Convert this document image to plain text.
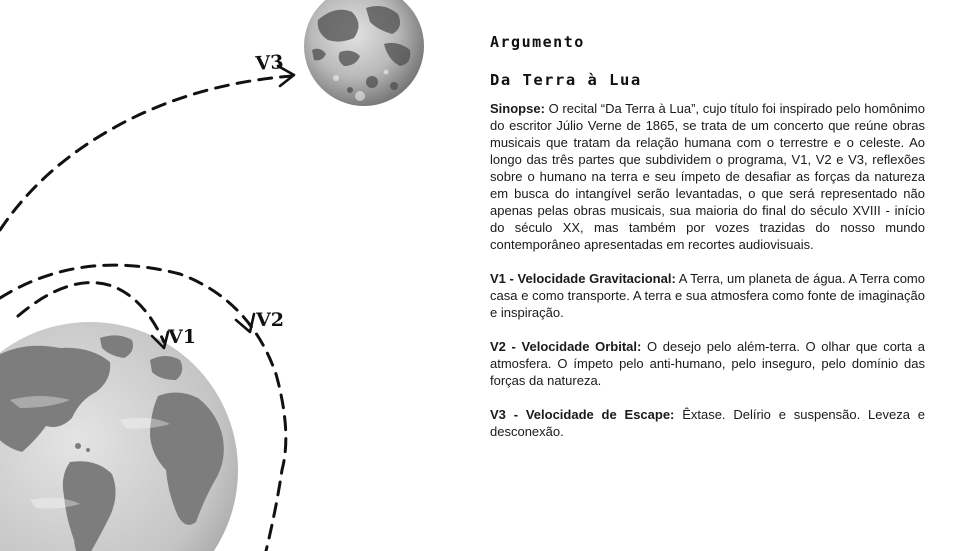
V1
V2
V3
Argumento
Da Terra à Lua

Sinopse: O recital “Da Terra à Lua”, cujo título foi inspirado pelo homônimo do escritor Júlio Verne de 1865, se trata de um concerto que reúne obras musicais que tratam da relação humana com o terrestre e o celeste. Ao longo das três partes que subdividem o programa, V1, V2 e V3, reflexões sobre o humano na terra e seu ímpeto de desafiar as forças da natureza em busca do intangível serão levantadas, o que será representado não apenas pelas obras musicais, sua maioria do final do século XVIII - início do século XX, mas também por vozes trazidas do nosso mundo contemporâneo apresentadas em recortes audiovisuais.

V1 - Velocidade Gravitacional: A Terra, um planeta de água. A Terra como casa e como transporte. A terra e sua atmosfera como fonte de imaginação e inspiração.

V2 - Velocidade Orbital: O desejo pelo além-terra. O olhar que corta a atmosfera. O ímpeto pelo anti-humano, pelo inseguro, pelo domínio das forças da natureza.

V3 - Velocidade de Escape: Êxtase. Delírio e suspensão. Leveza e desconexão.
